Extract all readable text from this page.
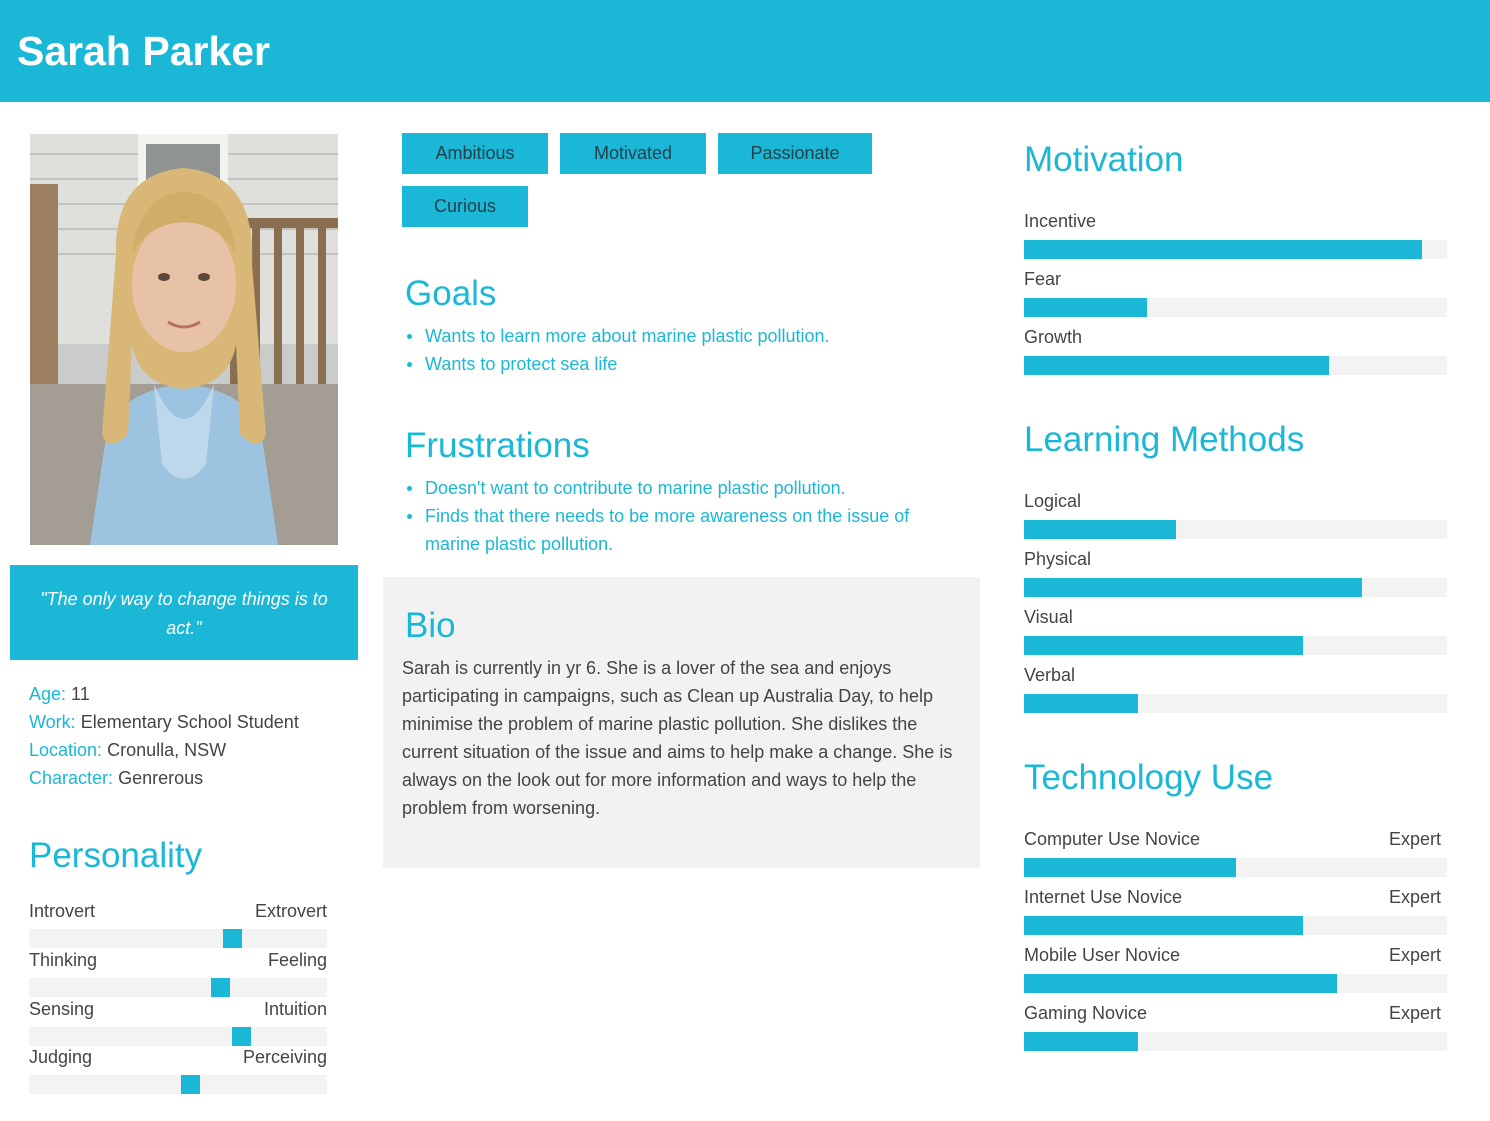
Sarah Parker
"The only way to change things is to act."
Age: 11
Work: Elementary School Student
Location: Cronulla, NSW
Character: Genrerous
Personality
Introvert	Extrovert
Thinking	Feeling
Sensing	Intuition
Judging	Perceiving
Ambitious	Motivated	Passionate
Curious
Goals
Wants to learn more about marine plastic pollution.
Wants to protect sea life
Frustrations
Doesn't want to contribute to marine plastic pollution.
Finds that there needs to be more awareness on the issue of marine plastic pollution.
Bio

Sarah is currently in yr 6. She is a lover of the sea and enjoys participating in campaigns, such as Clean up Australia Day, to help minimise the problem of marine plastic pollution. She dislikes the current situation of the issue and aims to help make a change. She is always on the look out for more information and ways to help the problem from worsening.

Motivation
Incentive
Fear
Growth
Learning Methods
Logical
Physical
Visual
Verbal
Technology Use
Computer Use Novice	Expert
Internet Use Novice	Expert
Mobile User Novice	Expert
Gaming Novice	Expert
